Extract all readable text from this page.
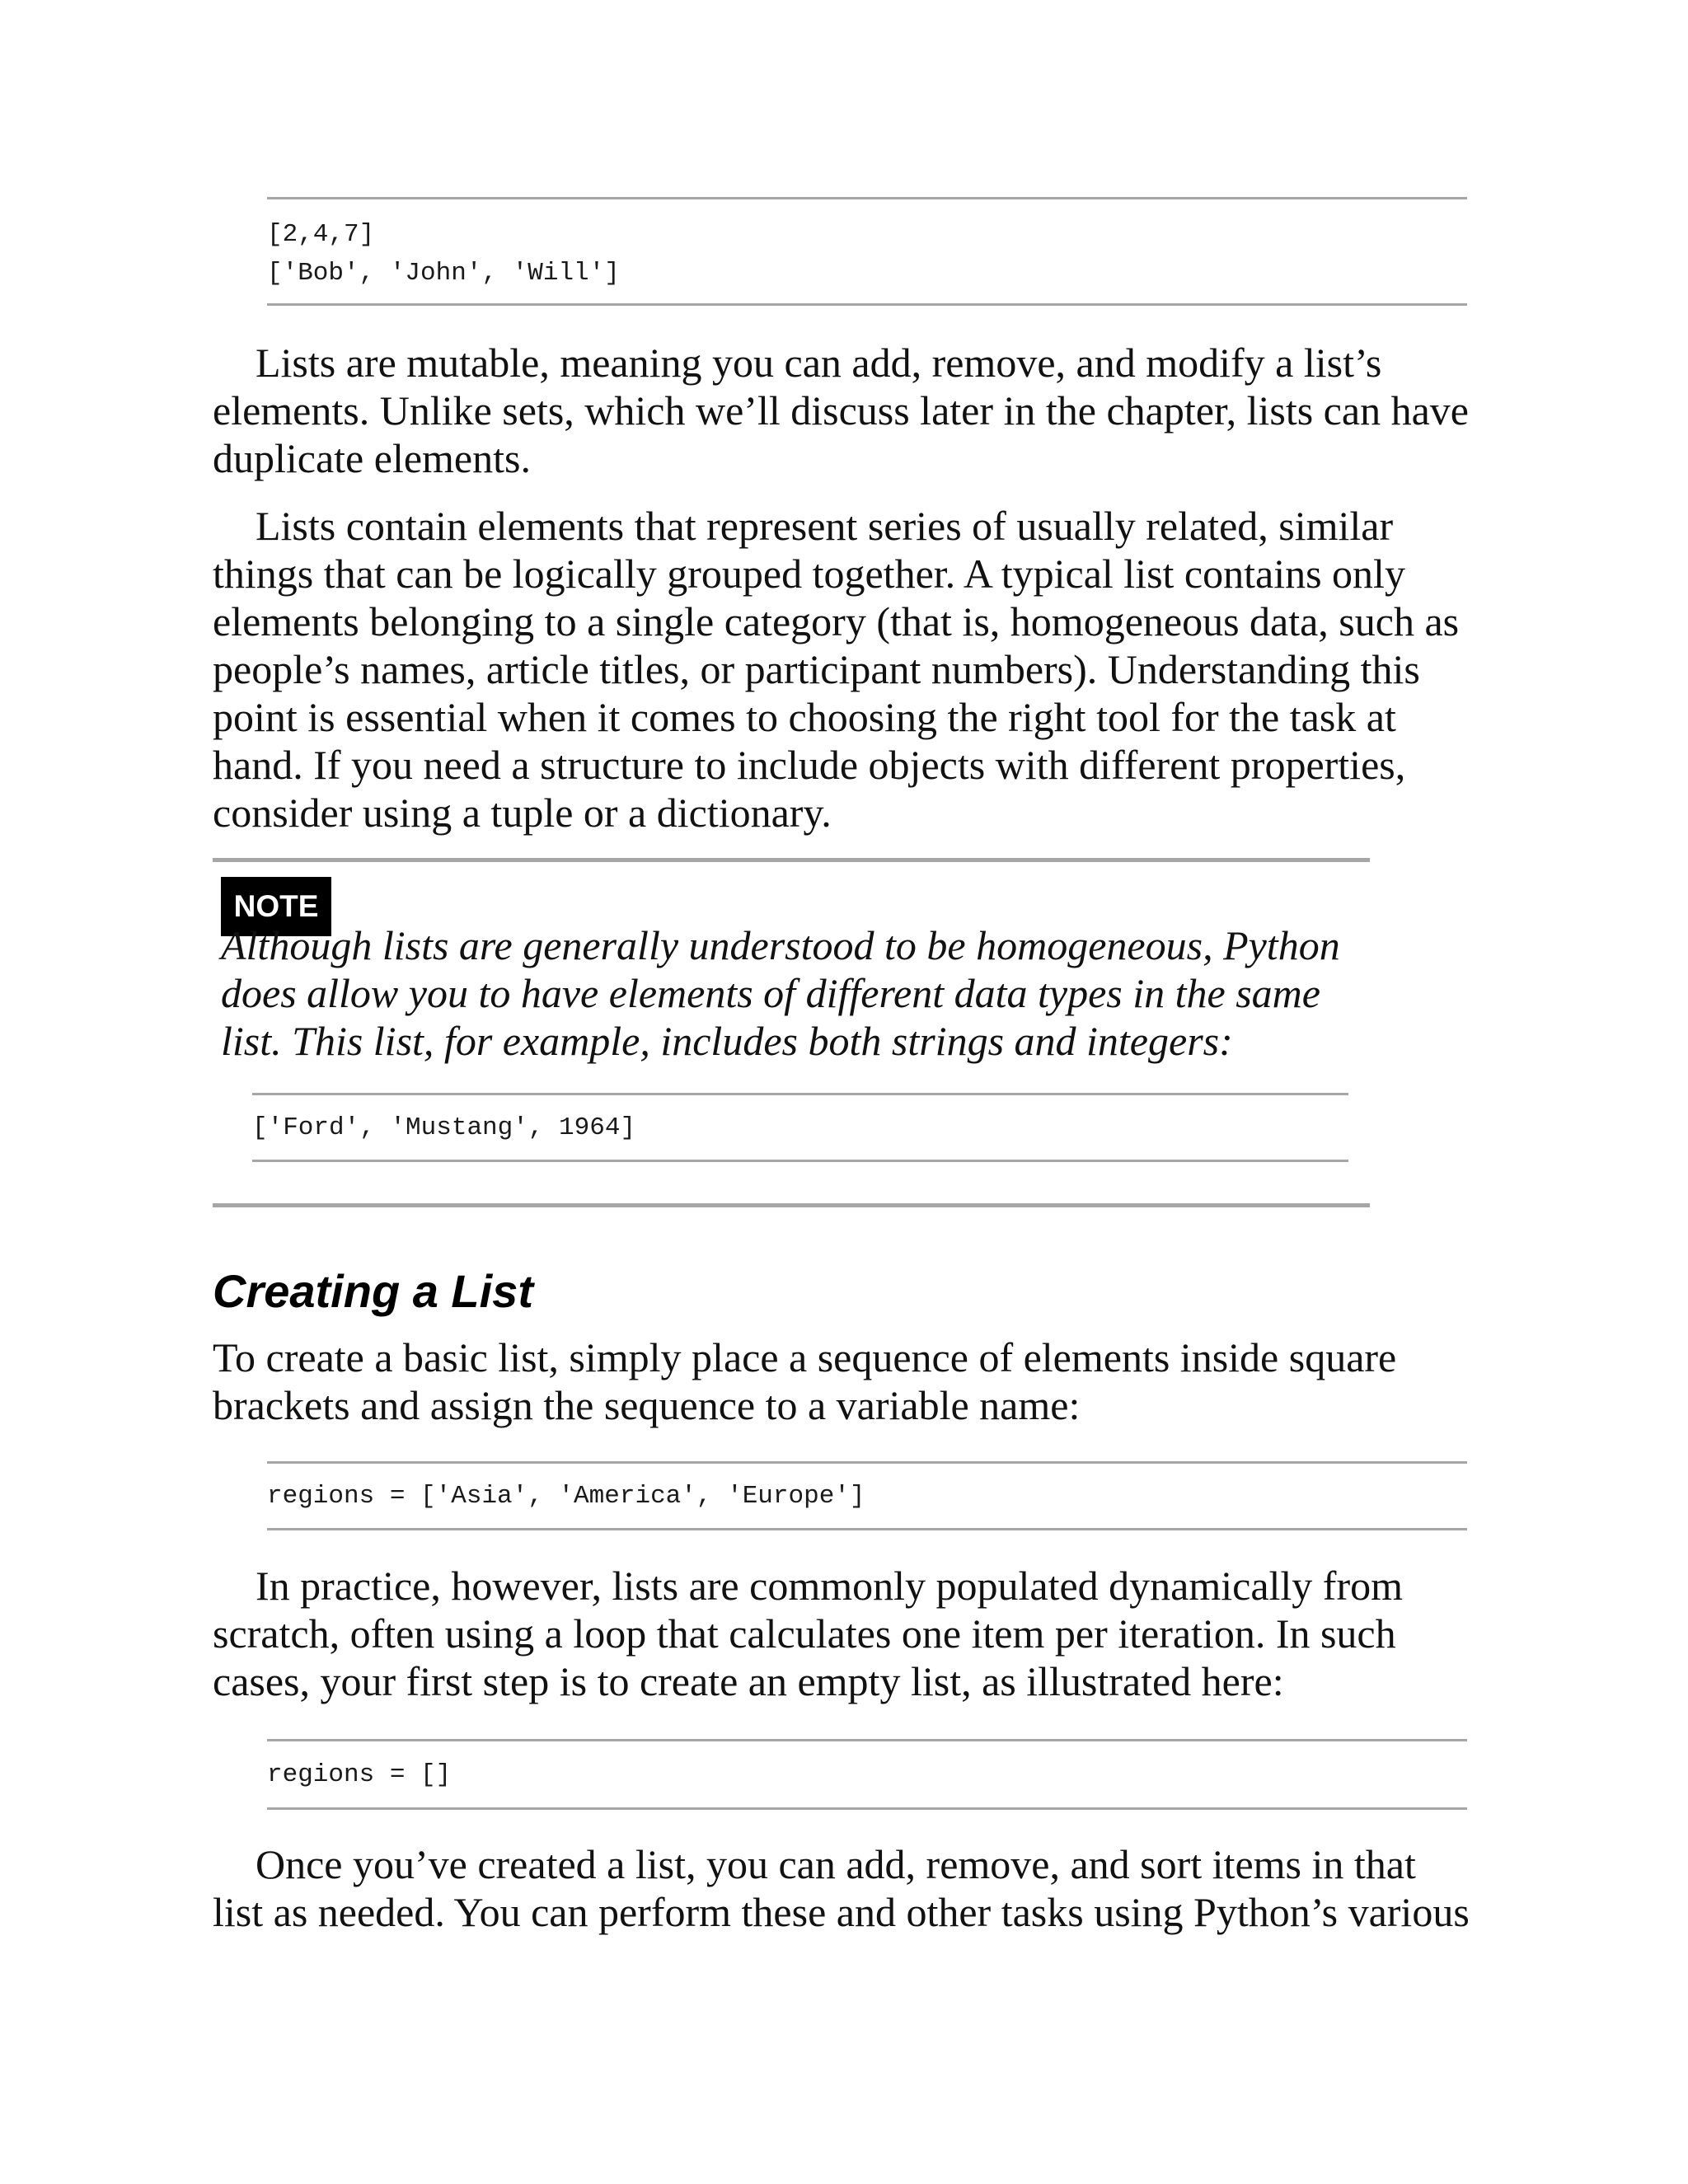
[2,4,7]
['Bob', 'John', 'Will']

Lists are mutable, meaning you can add, remove, and modify a list’s
elements. Unlike sets, which we’ll discuss later in the chapter, lists can have
duplicate elements.

Lists contain elements that represent series of usually related, similar
things that can be logically grouped together. A typical list contains only
elements belonging to a single category (that is, homogeneous data, such as
people’s names, article titles, or participant numbers). Understanding this
point is essential when it comes to choosing the right tool for the task at
hand. If you need a structure to include objects with different properties,
consider using a tuple or a dictionary.

NOTE

Although lists are generally understood to be homogeneous, Python
does allow you to have elements of different data types in the same
list. This list, for example, includes both strings and integers:

['Ford', 'Mustang', 1964]
Creating a List

To create a basic list, simply place a sequence of elements inside square
brackets and assign the sequence to a variable name:

regions = ['Asia', 'America', 'Europe']

In practice, however, lists are commonly populated dynamically from
scratch, often using a loop that calculates one item per iteration. In such
cases, your first step is to create an empty list, as illustrated here:

regions = []

Once you’ve created a list, you can add, remove, and sort items in that
list as needed. You can perform these and other tasks using Python’s various
